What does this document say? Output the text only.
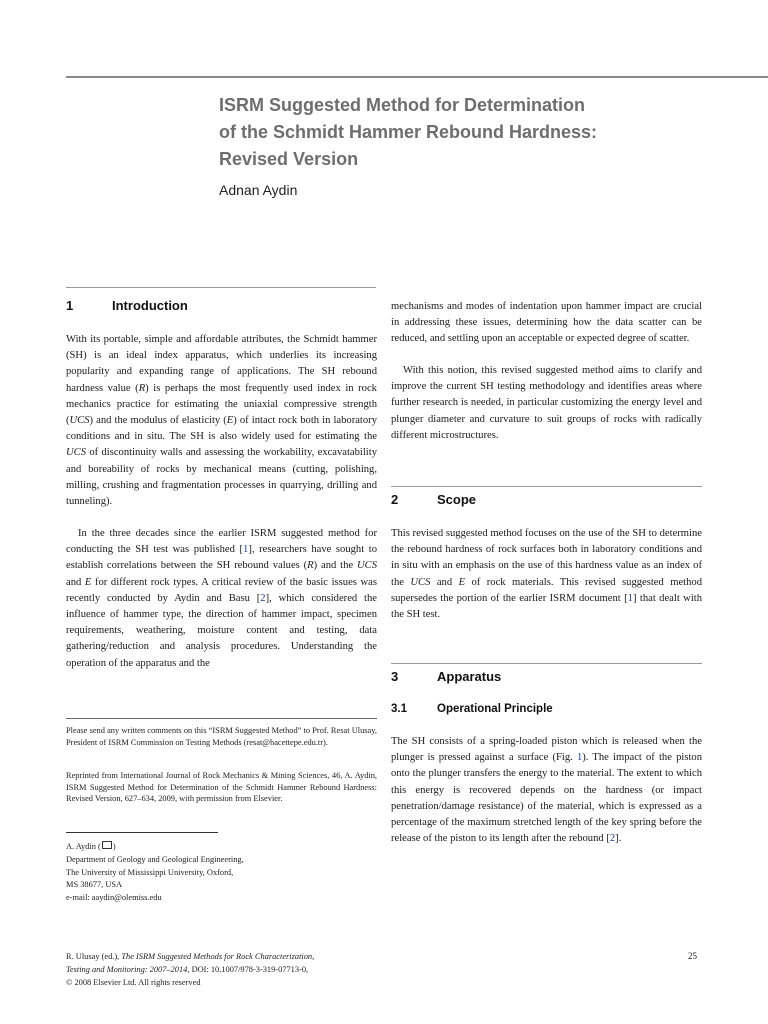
ISRM Suggested Method for Determination
of the Schmidt Hammer Rebound Hardness:
Revised Version
Adnan Aydin
1	Introduction

With its portable, simple and affordable attributes, the Schmidt hammer (SH) is an ideal index apparatus, which underlies its increasing popularity and expanding range of applications. The SH rebound hardness value (R) is perhaps the most frequently used index in rock mechanics practice for estimating the uniaxial compressive strength (UCS) and the modulus of elasticity (E) of intact rock both in laboratory conditions and in situ. The SH is also widely used for estimating the UCS of discontinuity walls and assessing the workability, excavatability and boreability of rocks by mechanical means (cutting, polishing, milling, crushing and fragmentation processes in quarrying, drilling and tunneling).

In the three decades since the earlier ISRM suggested method for conducting the SH test was published [1], researchers have sought to establish correlations between the SH rebound values (R) and the UCS and E for different rock types. A critical review of the basic issues was recently conducted by Aydin and Basu [2], which considered the influence of hammer type, the direction of hammer impact, specimen requirements, weathering, moisture content and testing, data gathering/reduction and analysis procedures. Understanding the operation of the apparatus and the

Please send any written comments on this “ISRM Suggested Method” to Prof. Resat Ulusay, President of ISRM Commission on Testing Methods (resat@hacettepe.edu.tr).

Reprinted from International Journal of Rock Mechanics & Mining Sciences, 46, A. Aydin, ISRM Suggested Method for Determination of the Schmidt Hammer Rebound Hardness: Revised Version, 627–634, 2009, with permission from Elsevier.

A. Aydin ( )
Department of Geology and Geological Engineering,
The University of Mississippi University, Oxford,
MS 38677, USA
e-mail: aaydin@olemiss.edu

mechanisms and modes of indentation upon hammer impact are crucial in addressing these issues, determining how the data scatter can be reduced, and settling upon an acceptable or expected degree of scatter.

With this notion, this revised suggested method aims to clarify and improve the current SH testing methodology and identifies areas where further research is needed, in particular customizing the energy level and plunger diameter and curvature to suit groups of rocks with radically different microstructures.

2	Scope

This revised suggested method focuses on the use of the SH to determine the rebound hardness of rock surfaces both in laboratory conditions and in situ with an emphasis on the use of this hardness value as an index of the UCS and E of rock materials. This revised suggested method supersedes the portion of the earlier ISRM document [1] that dealt with the SH test.

3	Apparatus
3.1	Operational Principle

The SH consists of a spring-loaded piston which is released when the plunger is pressed against a surface (Fig. 1). The impact of the piston onto the plunger transfers the energy to the material. The extent to which this energy is recovered depends on the hardness (or impact penetration/damage resistance) of the material, which is expressed as a percentage of the maximum stretched length of the key spring before the release of the piston to its length after the rebound [2].

R. Ulusay (ed.), The ISRM Suggested Methods for Rock Characterization,
Testing and Monitoring: 2007–2014, DOI: 10.1007/978-3-319-07713-0,
© 2008 Elsevier Ltd. All rights reserved
25
